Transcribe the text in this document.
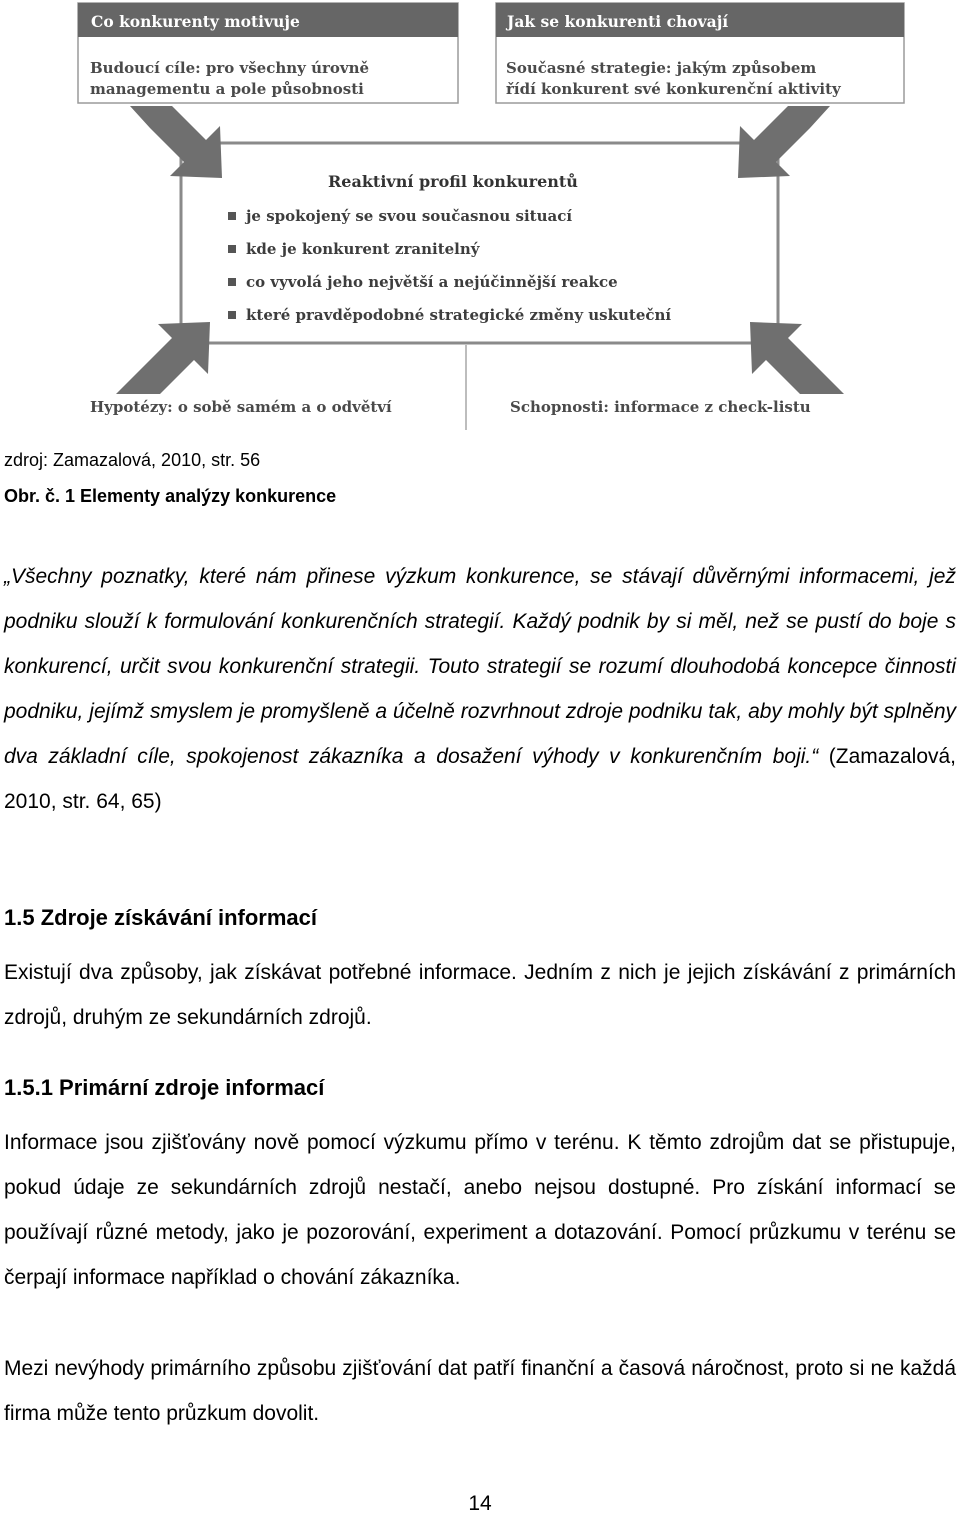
Co konkurenty motivuje	Jak se konkurenti chovají
Budoucí cíle: pro všechny úrovně
managementu a pole působnosti
Současné strategie: jakým způsobem
řídí konkurent své konkurenční aktivity
Reaktivní profil konkurentů
je spokojený se svou současnou situací
kde je konkurent zranitelný
co vyvolá jeho největší a nejúčinnější reakce
které pravděpodobné strategické změny uskuteční
Hypotézy: o sobě samém a o odvětví	Schopnosti: informace z check-listu
zdroj: Zamazalová, 2010, str. 56
Obr. č. 1 Elementy analýzy konkurence
„Všechny poznatky, které nám přinese výzkum konkurence, se stávají důvěrnými informacemi, jež podniku slouží k formulování konkurenčních strategií. Každý podnik by si měl, než se pustí do boje s konkurencí, určit svou konkurenční strategii. Touto strategií se rozumí dlouhodobá koncepce činnosti podniku, jejímž smyslem je promyšleně a účelně rozvrhnout zdroje podniku tak, aby mohly být splněny dva základní cíle, spokojenost zákazníka a dosažení výhody v konkurenčním boji.“ (Zamazalová, 2010, str. 64, 65)
1.5 Zdroje získávání informací
Existují dva způsoby, jak získávat potřebné informace. Jedním z nich je jejich získávání z primárních zdrojů, druhým ze sekundárních zdrojů.
1.5.1 Primární zdroje informací
Informace jsou zjišťovány nově pomocí výzkumu přímo v terénu. K těmto zdrojům dat se přistupuje, pokud údaje ze sekundárních zdrojů nestačí, anebo nejsou dostupné. Pro získání informací se používají různé metody, jako je pozorování, experiment a dotazování. Pomocí průzkumu v terénu se čerpají informace například o chování zákazníka.
Mezi nevýhody primárního způsobu zjišťování dat patří finanční a časová náročnost, proto si ne každá firma může tento průzkum dovolit.
14
